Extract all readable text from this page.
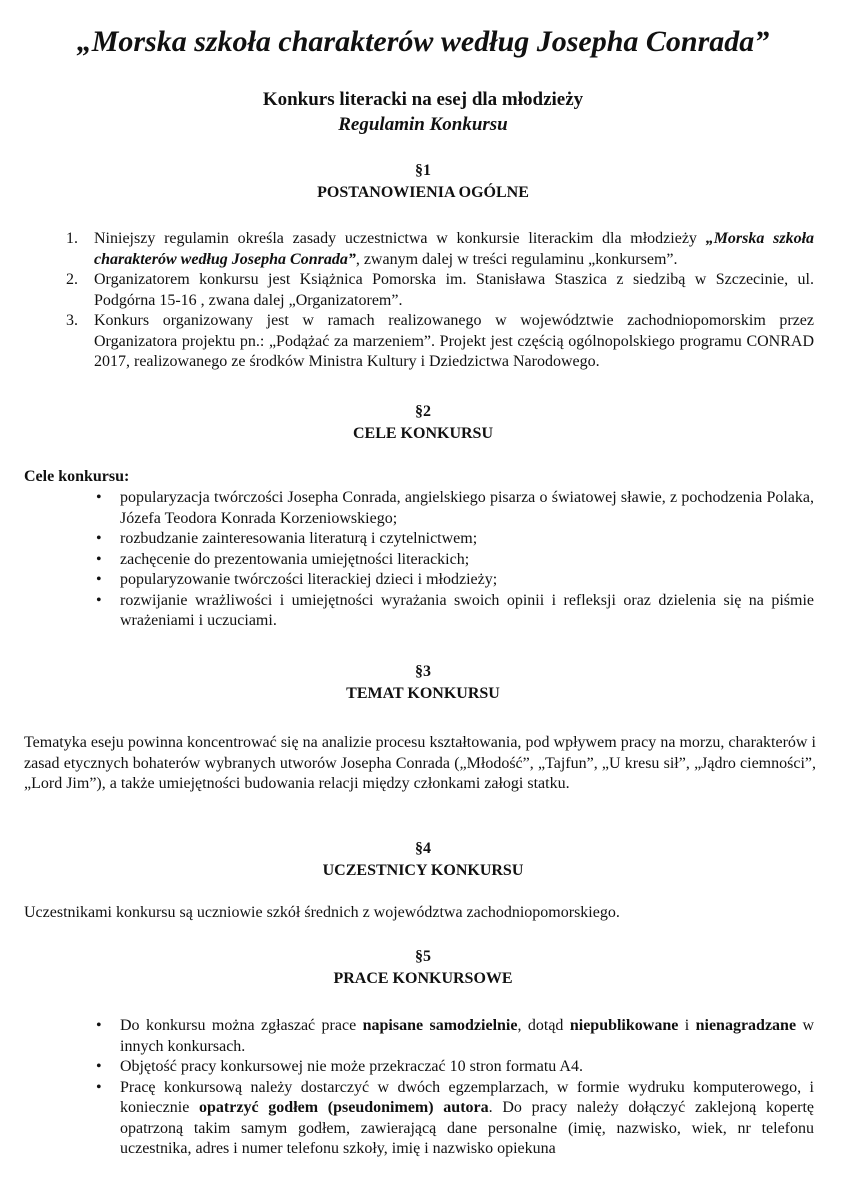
„Morska szkoła charakterów według Josepha Conrada”
Konkurs literacki na esej dla młodzieży
Regulamin Konkursu
§1
POSTANOWIENIA OGÓLNE
1. Niniejszy regulamin określa zasady uczestnictwa w konkursie literackim dla młodzieży „Morska szkoła charakterów według Josepha Conrada”, zwanym dalej w treści regulaminu „konkursem”.
2. Organizatorem konkursu jest Książnica Pomorska im. Stanisława Staszica z siedzibą w Szczecinie, ul. Podgórna 15-16 , zwana dalej „Organizatorem”.
3. Konkurs organizowany jest w ramach realizowanego w województwie zachodniopomorskim przez Organizatora projektu pn.: „Podążać za marzeniem”. Projekt jest częścią ogólnopolskiego programu CONRAD 2017, realizowanego ze środków Ministra Kultury i Dziedzictwa Narodowego.
§2
CELE KONKURSU
Cele konkursu:
• popularyzacja twórczości Josepha Conrada, angielskiego pisarza o światowej sławie, z pochodzenia Polaka, Józefa Teodora Konrada Korzeniowskiego;
• rozbudzanie zainteresowania literaturą i czytelnictwem;
• zachęcenie do prezentowania umiejętności literackich;
• popularyzowanie twórczości literackiej dzieci i młodzieży;
• rozwijanie wrażliwości i umiejętności wyrażania swoich opinii i refleksji oraz dzielenia się na piśmie wrażeniami i uczuciami.
§3
TEMAT KONKURSU

Tematyka eseju powinna koncentrować się na analizie procesu kształtowania, pod wpływem pracy na morzu, charakterów i zasad etycznych bohaterów wybranych utworów Josepha Conrada („Młodość”, „Tajfun”, „U kresu sił”, „Jądro ciemności”, „Lord Jim”), a także umiejętności budowania relacji między członkami załogi statku.

§4
UCZESTNICY KONKURSU

Uczestnikami konkursu są uczniowie szkół średnich z województwa zachodniopomorskiego.

§5
PRACE KONKURSOWE
• Do konkursu można zgłaszać prace napisane samodzielnie, dotąd niepublikowane i nienagradzane w innych konkursach.
• Objętość pracy konkursowej nie może przekraczać 10 stron formatu A4.
• Pracę konkursową należy dostarczyć w dwóch egzemplarzach, w formie wydruku komputerowego, i koniecznie opatrzyć godłem (pseudonimem) autora. Do pracy należy dołączyć zaklejoną kopertę opatrzoną takim samym godłem, zawierającą dane personalne (imię, nazwisko, wiek, nr telefonu uczestnika, adres i numer telefonu szkoły, imię i nazwisko opiekuna
